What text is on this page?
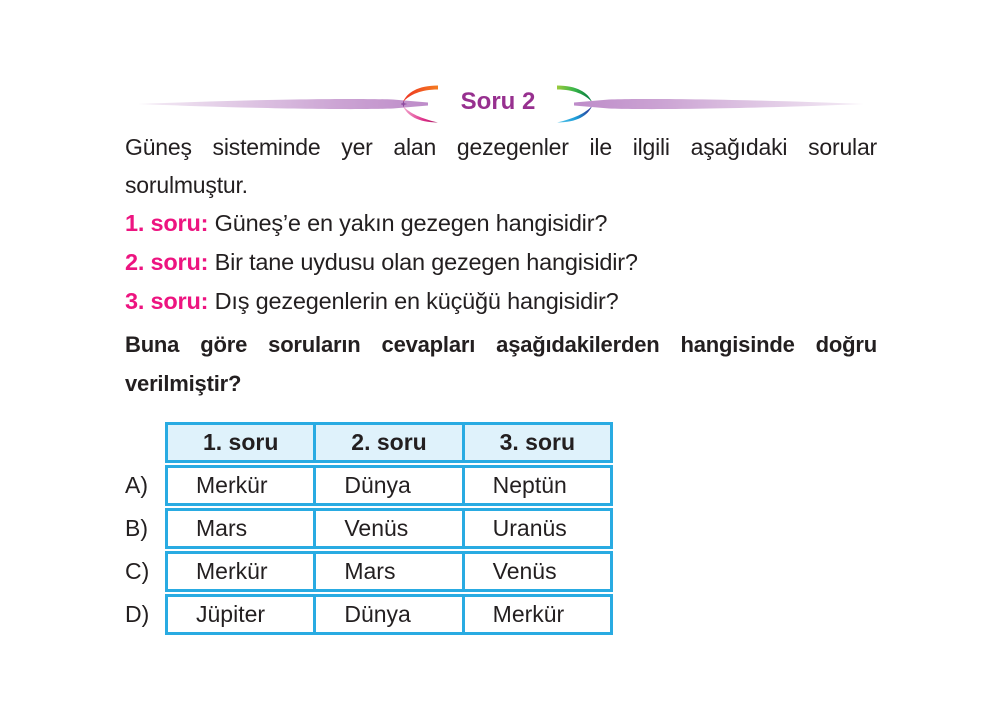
Soru 2
Güneş sisteminde yer alan gezegenler ile ilgili aşağıdaki sorular
sorulmuştur.
1. soru: Güneş’e en yakın gezegen hangisidir?
2. soru: Bir tane uydusu olan gezegen hangisidir?
3. soru: Dış gezegenlerin en küçüğü hangisidir?
Buna göre soruların cevapları aşağıdakilerden hangisinde doğru
verilmiştir?
1. soru	2. soru	3. soru
A)	Merkür	Dünya	Neptün
B)	Mars	Venüs	Uranüs
C)	Merkür	Mars	Venüs
D)	Jüpiter	Dünya	Merkür
